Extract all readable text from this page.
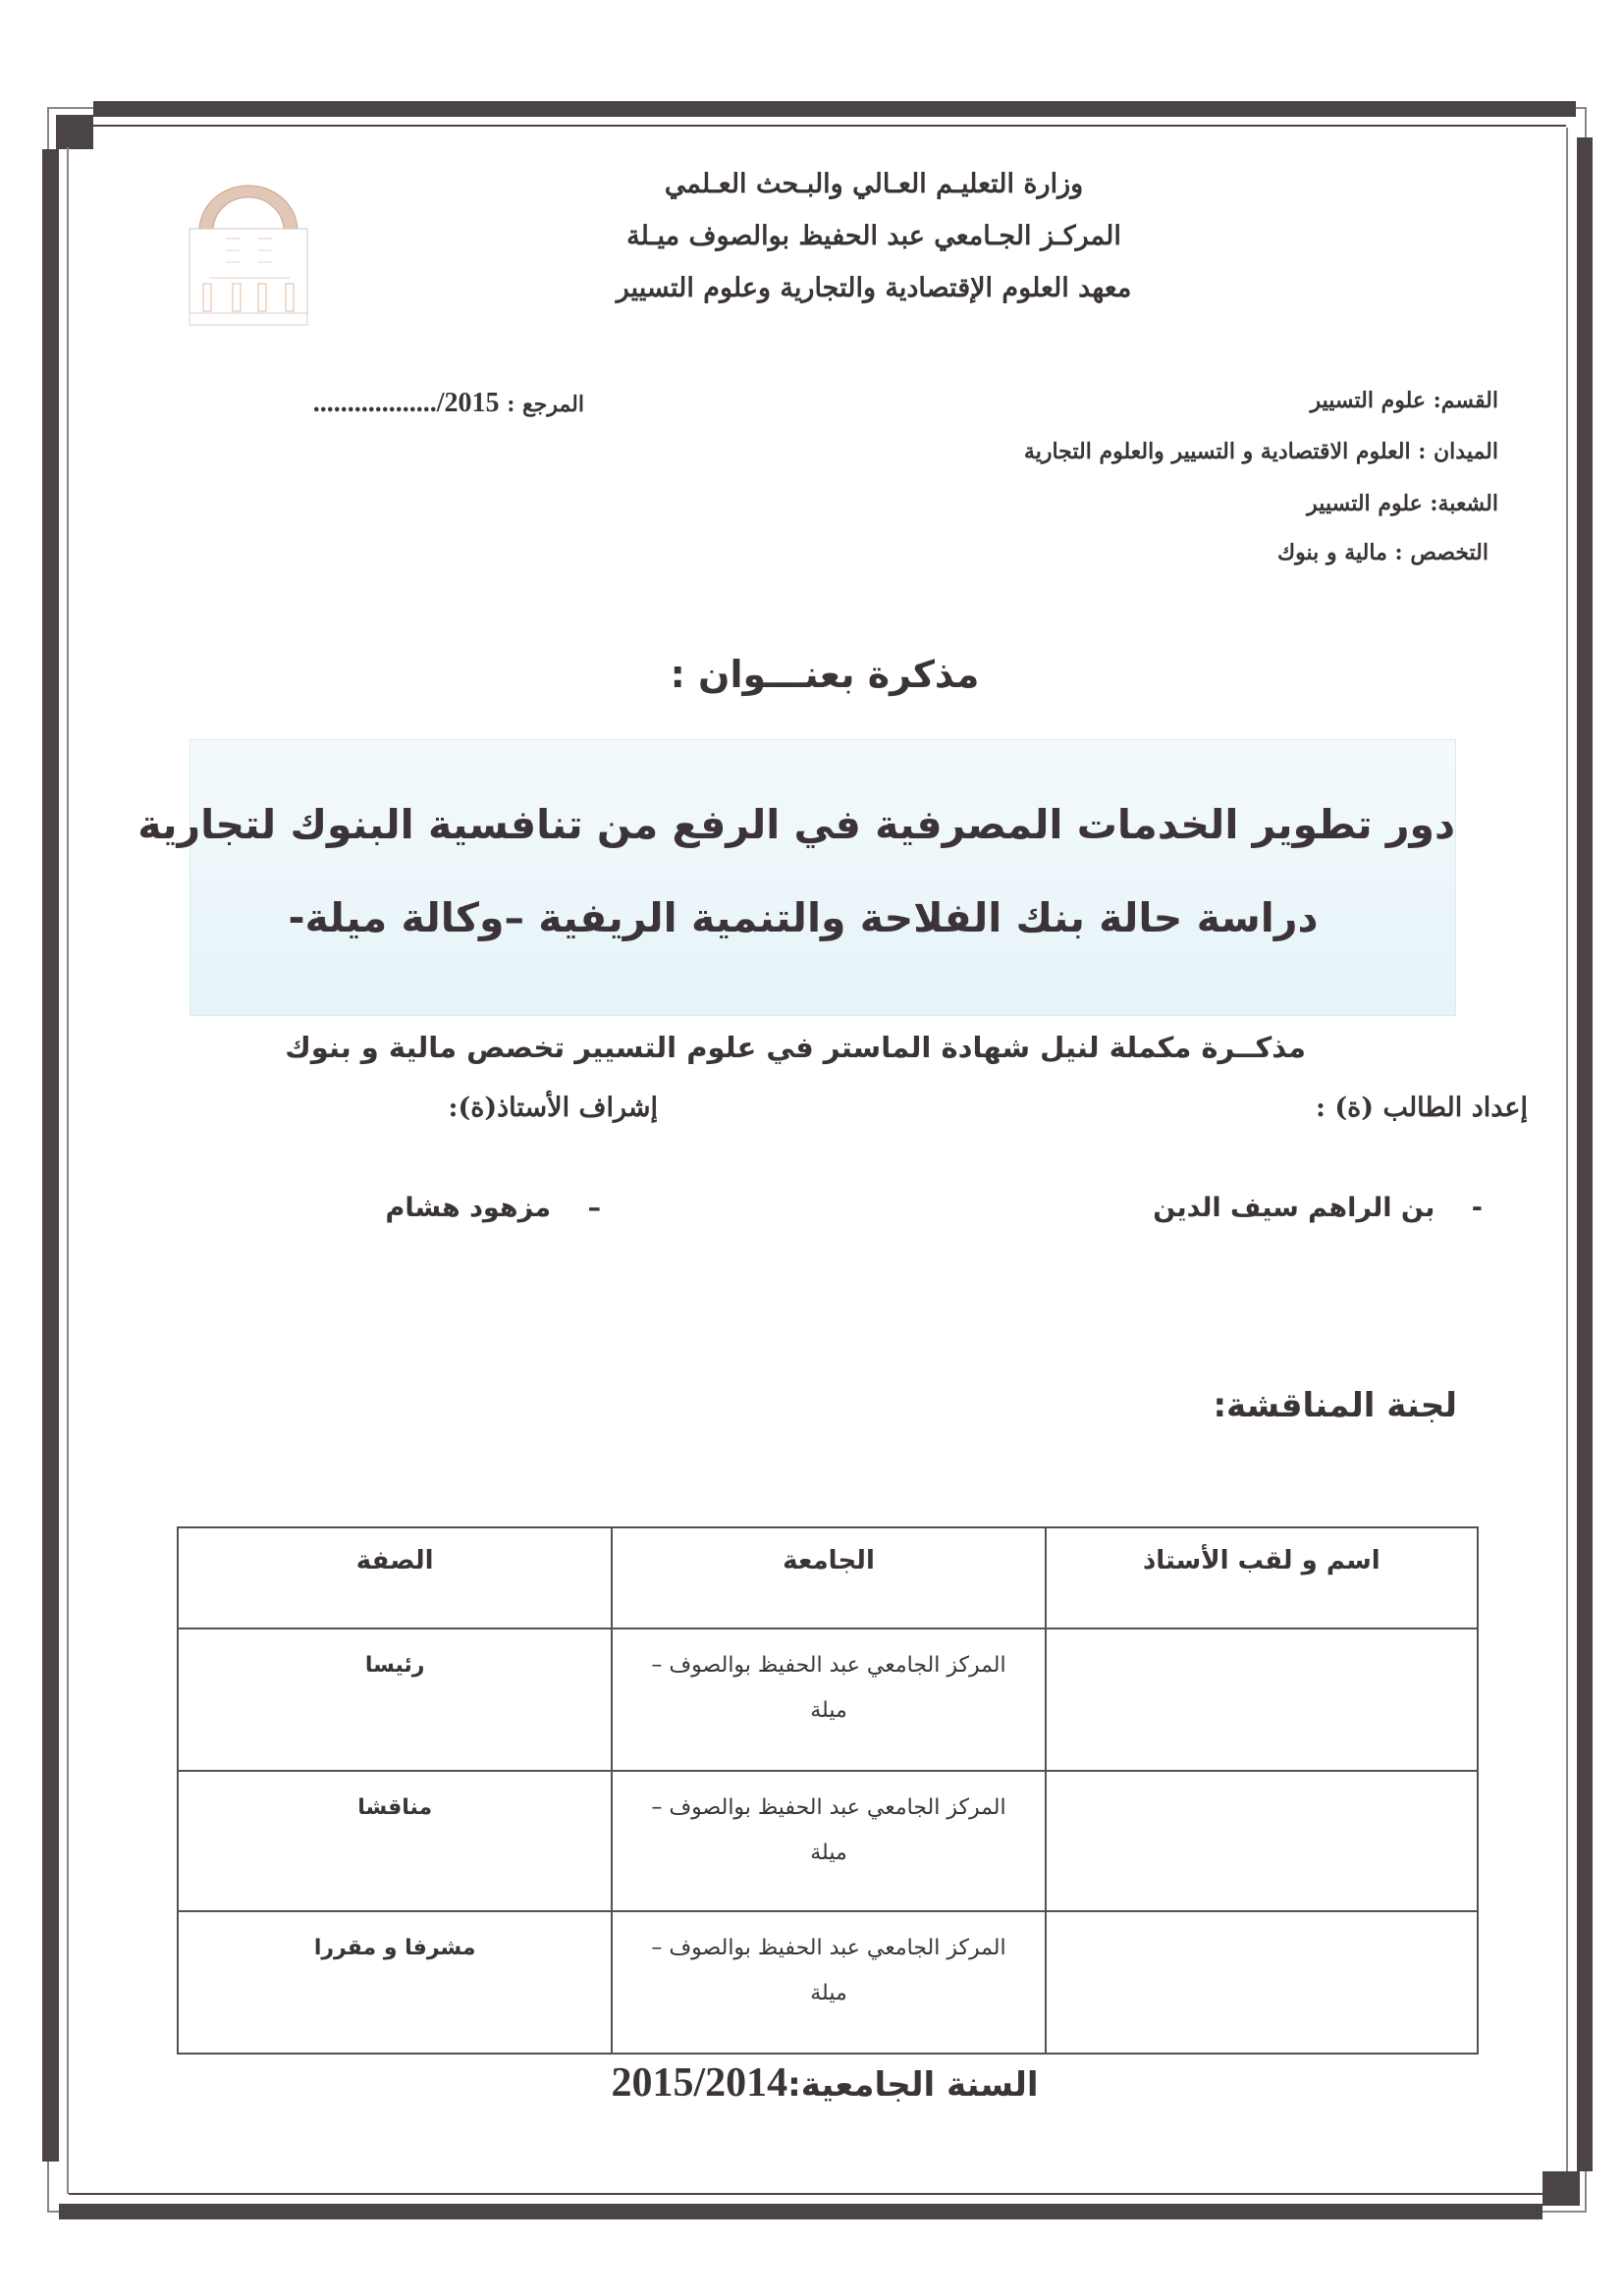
وزارة التعليـم العـالي والبـحث العـلمي
المركـز الجـامعي عبد الحفيظ بوالصوف ميـلة
معهد العلوم الإقتصادية والتجارية وعلوم التسيير
المرجع : ................../2015	القسم: علوم التسيير
الميدان : العلوم الاقتصادية و التسيير والعلوم التجارية
الشعبة: علوم التسيير
التخصص : مالية و بنوك
مذكرة بعنـــوان :
دور تطوير الخدمات المصرفية في الرفع من تنافسية البنوك لتجارية
دراسة حالة بنك الفلاحة والتنمية الريفية –وكالة ميلة-
مذكــرة مكملة لنيل شهادة الماستر في علوم التسيير تخصص مالية و بنوك
إعداد الطالب (ة) :
إشراف الأستاذ(ة):
- بن الراهم سيف الدين
– مزهود هشام
لجنة المناقشة:
اسم و لقب الأستاذ	الجامعة	الصفة

	المركز الجامعي عبد الحفيظ بوالصوف –
ميلة	رئيسا

	المركز الجامعي عبد الحفيظ بوالصوف –
ميلة	مناقشا

	المركز الجامعي عبد الحفيظ بوالصوف –
ميلة	مشرفا و مقررا
السنة الجامعية:2015/2014
